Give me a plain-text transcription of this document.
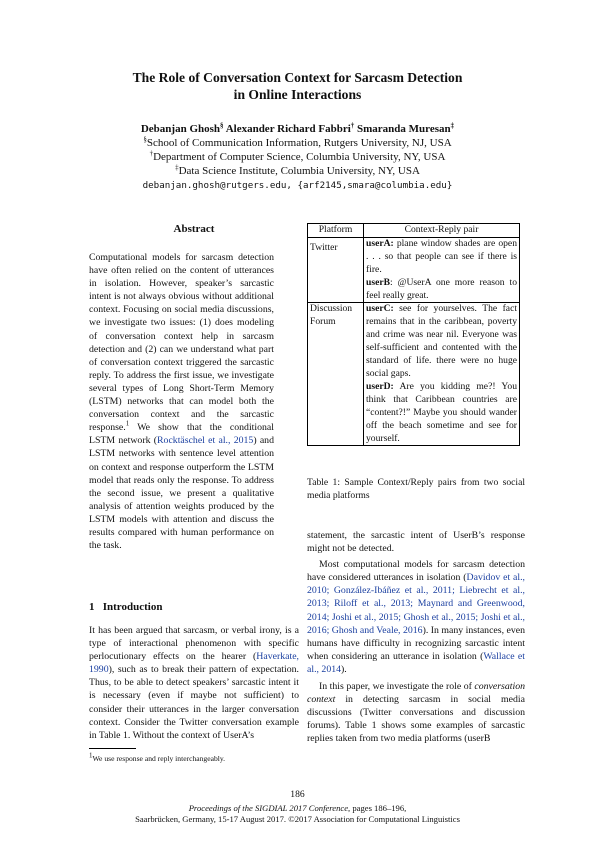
The Role of Conversation Context for Sarcasm Detection
in Online Interactions
Debanjan Ghosh§ Alexander Richard Fabbri† Smaranda Muresan‡
§School of Communication Information, Rutgers University, NJ, USA
†Department of Computer Science, Columbia University, NY, USA
‡Data Science Institute, Columbia University, NY, USA
debanjan.ghosh@rutgers.edu, {arf2145,smara@columbia.edu}
Abstract

Computational models for sarcasm detection have often relied on the content of utterances in isolation. However, speaker’s sarcastic intent is not always obvious without additional context. Focusing on social media discussions, we investigate two issues: (1) does modeling of conversation context help in sarcasm detection and (2) can we understand what part of conversation context triggered the sarcastic reply. To address the first issue, we investigate several types of Long Short-Term Memory (LSTM) networks that can model both the conversation context and the sarcastic response.$^1$ We show that the conditional LSTM network (Rocktäschel et al., 2015) and LSTM networks with sentence level attention on context and response outperform the LSTM model that reads only the response. To address the second issue, we present a qualitative analysis of attention weights produced by the LSTM models with attention and discuss the results compared with human performance on the task.

1 Introduction

It has been argued that sarcasm, or verbal irony, is a type of interactional phenomenon with specific perlocutionary effects on the hearer (Haverkate, 1990), such as to break their pattern of expectation. Thus, to be able to detect speakers’ sarcastic intent it is necessary (even if maybe not sufficient) to consider their utterances in the larger conversation context. Consider the Twitter conversation example in Table 1. Without the context of UserA’s

$^1$We use response and reply interchangeably.
Platform	Context-Reply pair
Twitter	userA: plane window shades are open . . . so that people can see if there is fire.
userB: @UserA one more reason to feel really great.
Discussion Forum	userC: see for yourselves. The fact remains that in the caribbean, poverty and crime was near nil. Everyone was self-sufficient and contented with the standard of life. there were no huge social gaps.
userD: Are you kidding me?! You think that Caribbean countries are “content?!” Maybe you should wander off the beach sometime and see for yourself.
Table 1: Sample Context/Reply pairs from two social media platforms

statement, the sarcastic intent of UserB’s response might not be detected.

Most computational models for sarcasm detection have considered utterances in isolation (Davidov et al., 2010; González-Ibáñez et al., 2011; Liebrecht et al., 2013; Riloff et al., 2013; Maynard and Greenwood, 2014; Joshi et al., 2015; Ghosh et al., 2015; Joshi et al., 2016; Ghosh and Veale, 2016). In many instances, even humans have difficulty in recognizing sarcastic intent when considering an utterance in isolation (Wallace et al., 2014).

In this paper, we investigate the role of conversation context in detecting sarcasm in social media discussions (Twitter conversations and discussion forums). Table 1 shows some examples of sarcastic replies taken from two media platforms (userB

186
Proceedings of the SIGDIAL 2017 Conference, pages 186–196,
Saarbrücken, Germany, 15-17 August 2017. ©2017 Association for Computational Linguistics
